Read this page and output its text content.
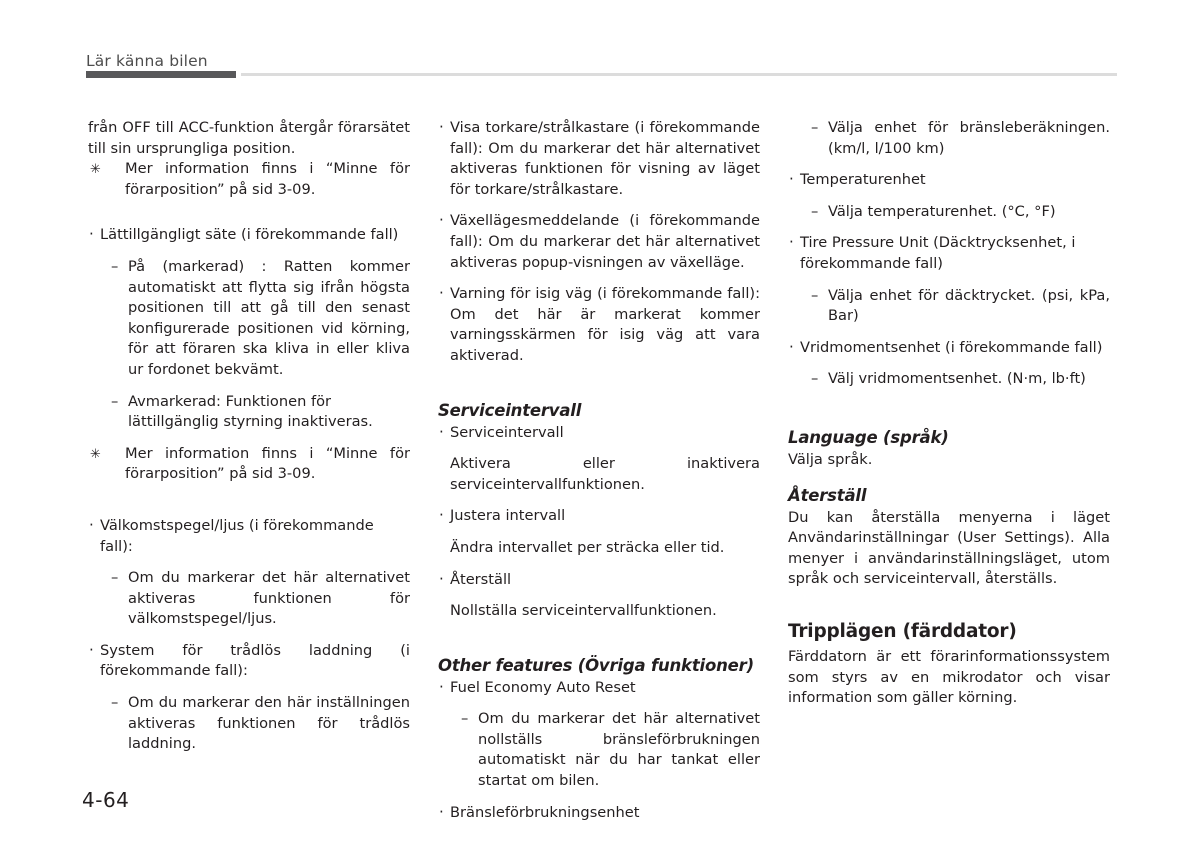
Lär känna bilen

från OFF till ACC-funktion återgår förarsätet till sin ursprungliga position.

✳ Mer information finns i “Minne för förarposition” på sid 3-09.
· Lättillgängligt säte (i förekommande fall)
– På (markerad) : Ratten kommer automatiskt att flytta sig ifrån högsta positionen till att gå till den senast konfigurerade positionen vid körning, för att föraren ska kliva in eller kliva ur fordonet bekvämt.
– Avmarkerad: Funktionen för lättillgänglig styrning inaktiveras.
✳ Mer information finns i “Minne för förarposition” på sid 3-09.
· Välkomstspegel/ljus (i förekommande fall):
– Om du markerar det här alternativet aktiveras funktionen för välkomstspegel/ljus.
· System för trådlös laddning (i förekommande fall):
– Om du markerar den här inställningen aktiveras funktionen för trådlös laddning.
· Visa torkare/strålkastare (i förekommande fall): Om du markerar det här alternativet aktiveras funktionen för visning av läget för torkare/strålkastare.
· Växellägesmeddelande (i förekommande fall): Om du markerar det här alternativet aktiveras popup-visningen av växelläge.
· Varning för isig väg (i förekommande fall): Om det här är markerat kommer varningsskärmen för isig väg att vara aktiverad.
Serviceintervall
· Serviceintervall
Aktivera eller inaktivera serviceintervallfunktionen.
· Justera intervall
Ändra intervallet per sträcka eller tid.
· Återställ
Nollställa serviceintervallfunktionen.
Other features (Övriga funktioner)
· Fuel Economy Auto Reset
– Om du markerar det här alternativet nollställs bränsleförbrukningen automatiskt när du har tankat eller startat om bilen.
· Bränsleförbrukningsenhet
– Välja enhet för bränsleberäkningen. (km/l, l/100 km)
· Temperaturenhet
– Välja temperaturenhet. (°C, °F)
· Tire Pressure Unit (Däcktrycksenhet, i förekommande fall)
– Välja enhet för däcktrycket. (psi, kPa, Bar)
· Vridmomentsenhet (i förekommande fall)
– Välj vridmomentsenhet. (N·m, lb·ft)
Language (språk)

Välja språk.

Återställ

Du kan återställa menyerna i läget Användarinställningar (User Settings). Alla menyer i användarinställningsläget, utom språk och serviceintervall, återställs.

Tripplägen (färddator)

Färddatorn är ett förarinformationssystem som styrs av en mikrodator och visar information som gäller körning.

4-64
